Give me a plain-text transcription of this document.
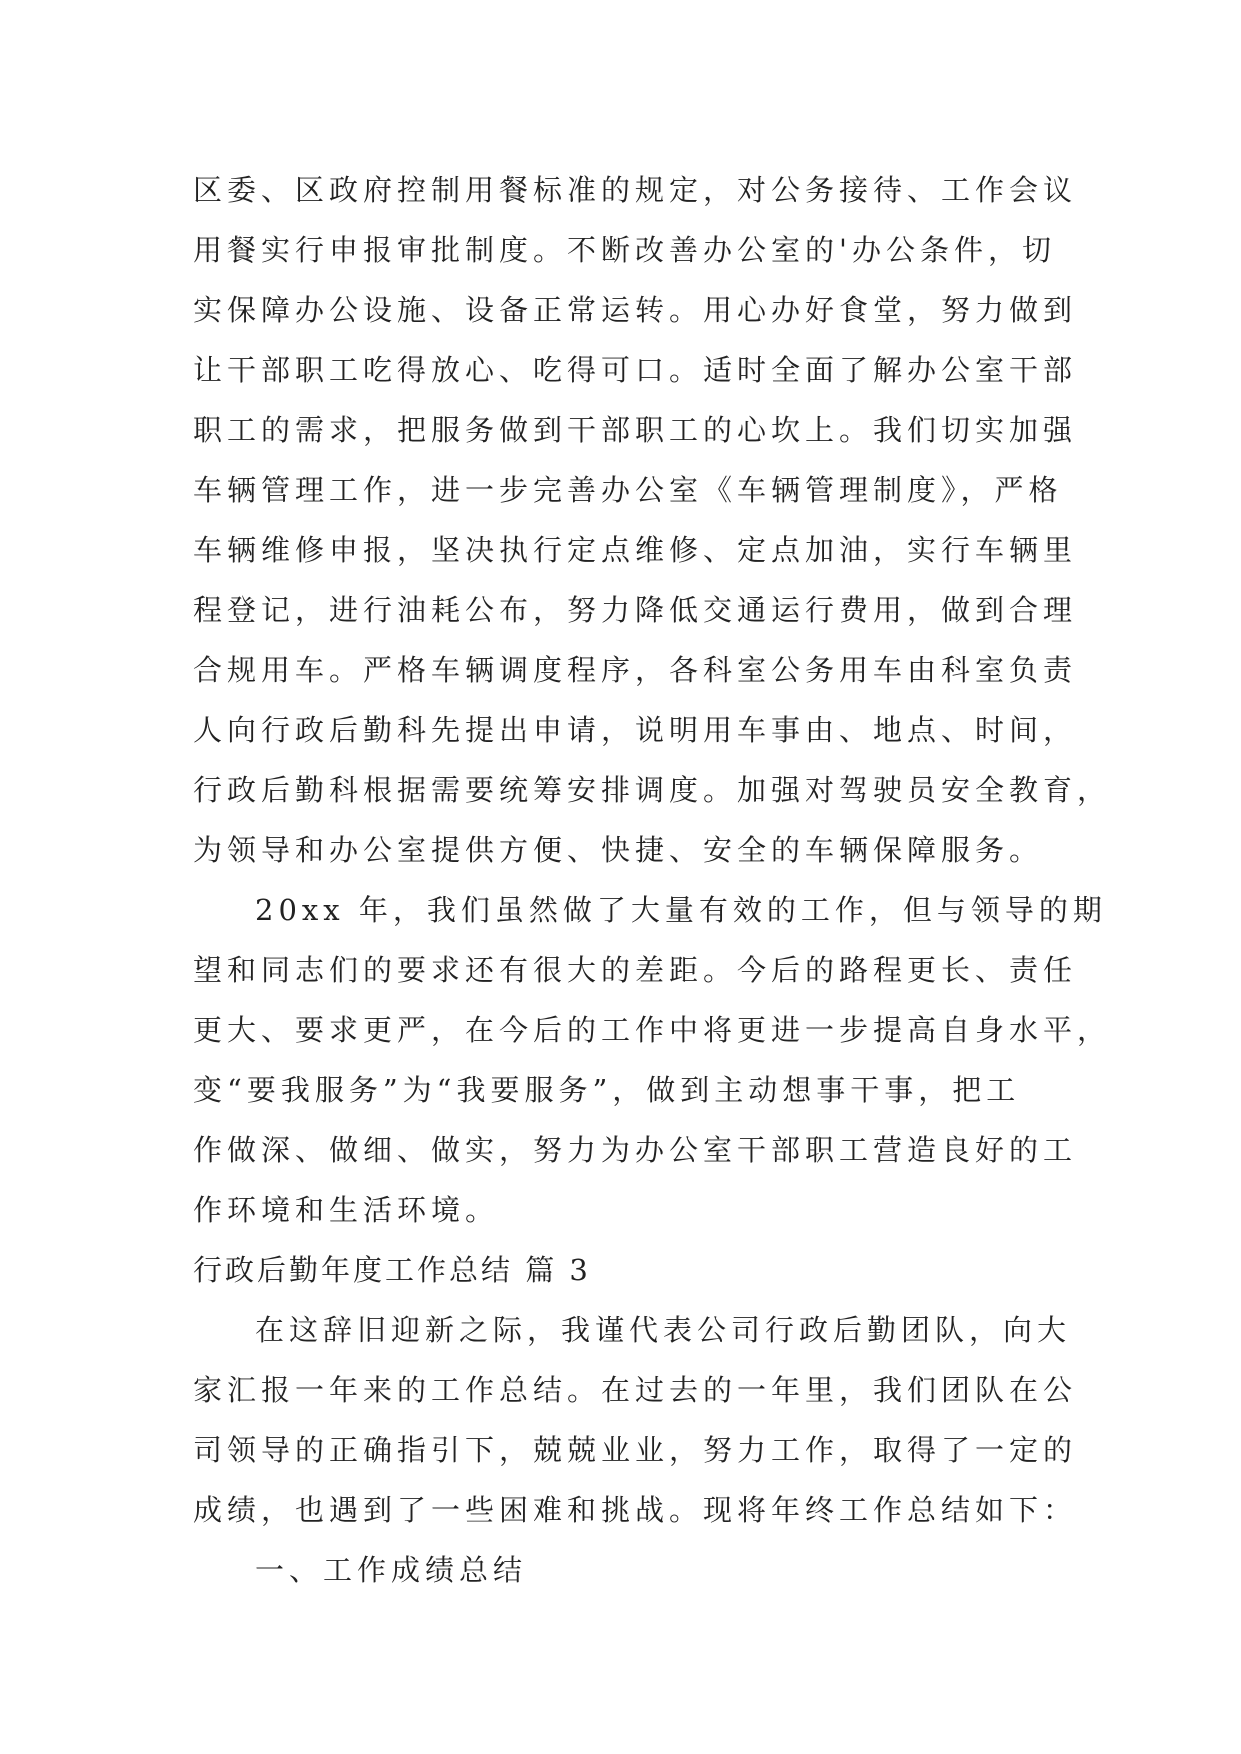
区委、区政府控制用餐标准的规定，对公务接待、工作会议
用餐实行申报审批制度。不断改善办公室的'办公条件，切
实保障办公设施、设备正常运转。用心办好食堂，努力做到
让干部职工吃得放心、吃得可口。适时全面了解办公室干部
职工的需求，把服务做到干部职工的心坎上。我们切实加强
车辆管理工作，进一步完善办公室《车辆管理制度》，严格
车辆维修申报，坚决执行定点维修、定点加油，实行车辆里
程登记，进行油耗公布，努力降低交通运行费用，做到合理
合规用车。严格车辆调度程序，各科室公务用车由科室负责
人向行政后勤科先提出申请，说明用车事由、地点、时间，
行政后勤科根据需要统筹安排调度。加强对驾驶员安全教育，
为领导和办公室提供方便、快捷、安全的车辆保障服务。
20xx 年，我们虽然做了大量有效的工作，但与领导的期
望和同志们的要求还有很大的差距。今后的路程更长、责任
更大、要求更严，在今后的工作中将更进一步提高自身水平，
变“要我服务”为“我要服务”，做到主动想事干事，把工
作做深、做细、做实，努力为办公室干部职工营造良好的工
作环境和生活环境。
行政后勤年度工作总结 篇 3
在这辞旧迎新之际，我谨代表公司行政后勤团队，向大
家汇报一年来的工作总结。在过去的一年里，我们团队在公
司领导的正确指引下，兢兢业业，努力工作，取得了一定的
成绩，也遇到了一些困难和挑战。现将年终工作总结如下：
一、工作成绩总结
